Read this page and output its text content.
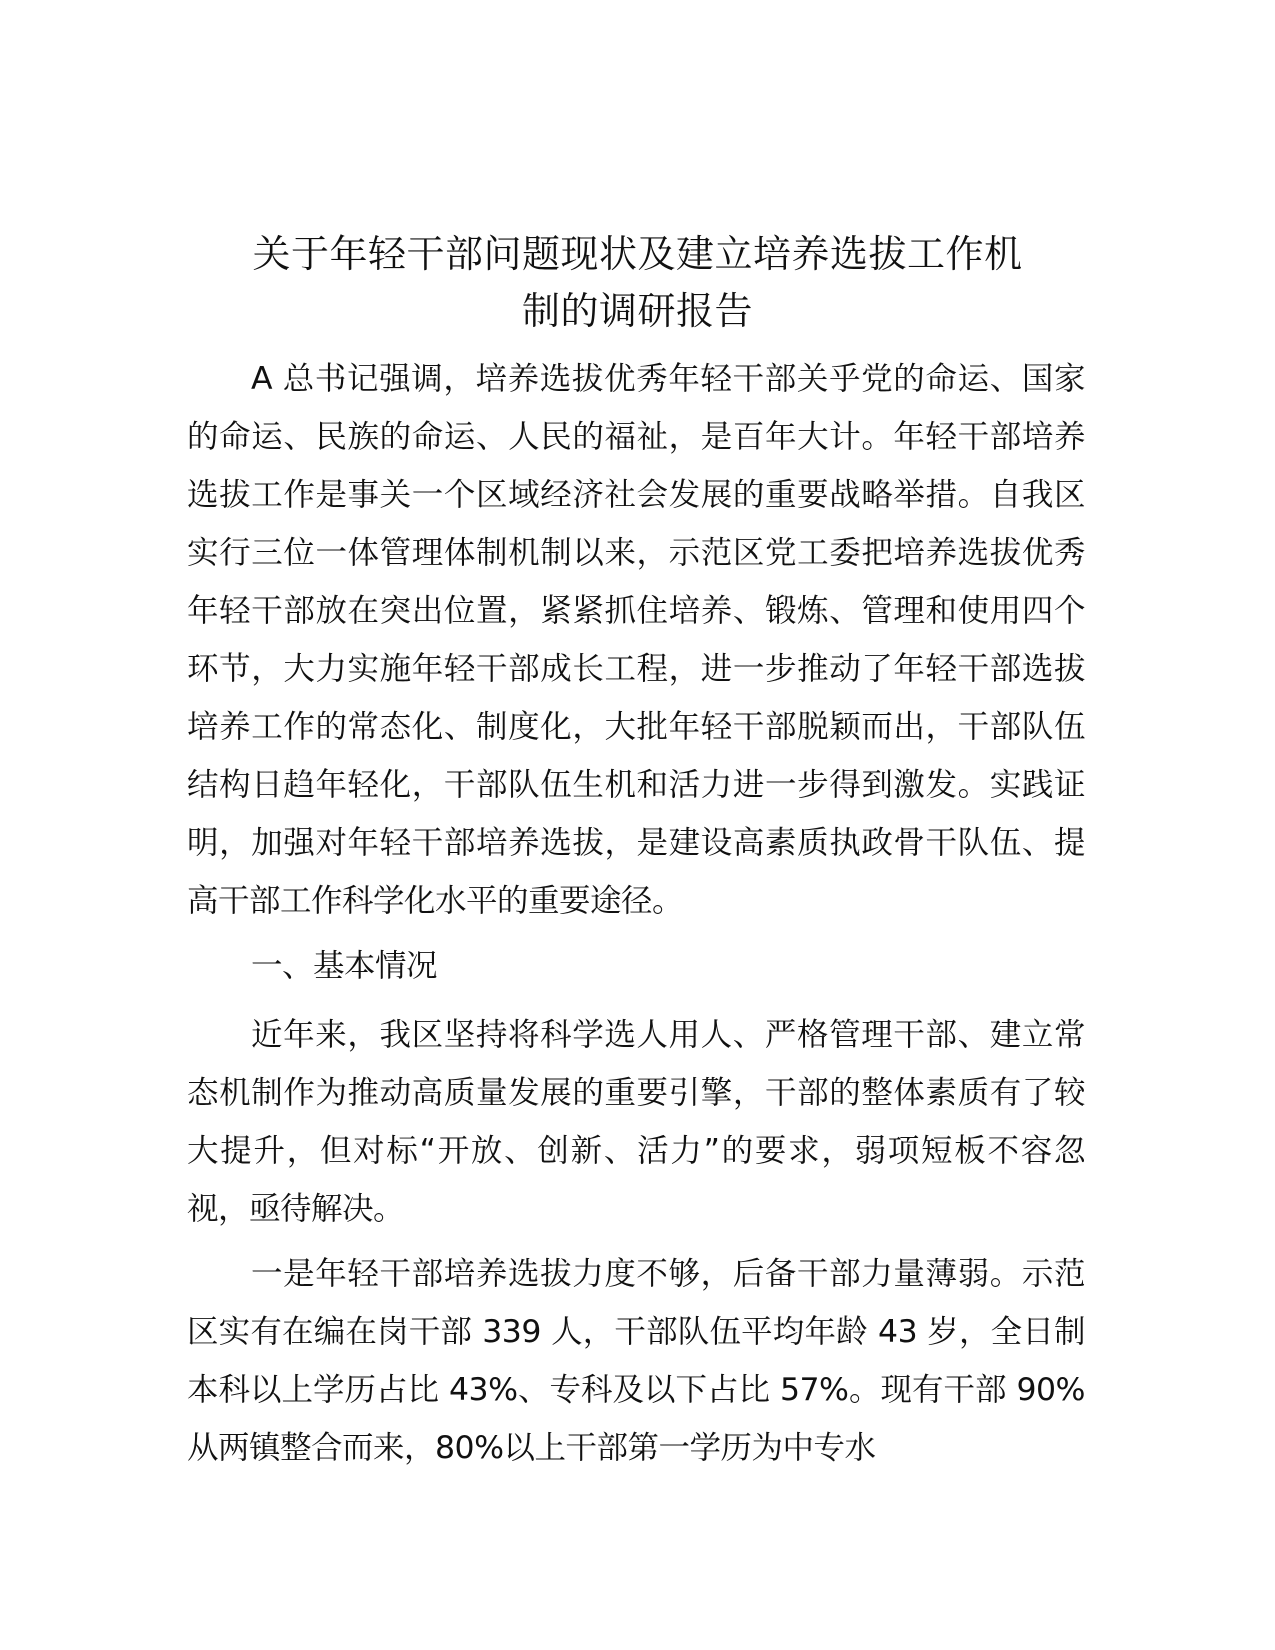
关于年轻干部问题现状及建立培养选拔工作机
制的调研报告

A 总书记强调，培养选拔优秀年轻干部关乎党的命运、国家的命运、民族的命运、人民的福祉，是百年大计。年轻干部培养选拔工作是事关一个区域经济社会发展的重要战略举措。自我区实行三位一体管理体制机制以来，示范区党工委把培养选拔优秀年轻干部放在突出位置，紧紧抓住培养、锻炼、管理和使用四个环节，大力实施年轻干部成长工程，进一步推动了年轻干部选拔培养工作的常态化、制度化，大批年轻干部脱颖而出，干部队伍结构日趋年轻化，干部队伍生机和活力进一步得到激发。实践证明，加强对年轻干部培养选拔，是建设高素质执政骨干队伍、提高干部工作科学化水平的重要途径。

一、基本情况

近年来，我区坚持将科学选人用人、严格管理干部、建立常态机制作为推动高质量发展的重要引擎，干部的整体素质有了较大提升，但对标“开放、创新、活力”的要求，弱项短板不容忽视，亟待解决。

一是年轻干部培养选拔力度不够，后备干部力量薄弱。示范区实有在编在岗干部 339 人，干部队伍平均年龄 43 岁，全日制本科以上学历占比 43%、专科及以下占比 57%。现有干部 90%从两镇整合而来，80%以上干部第一学历为中专水
